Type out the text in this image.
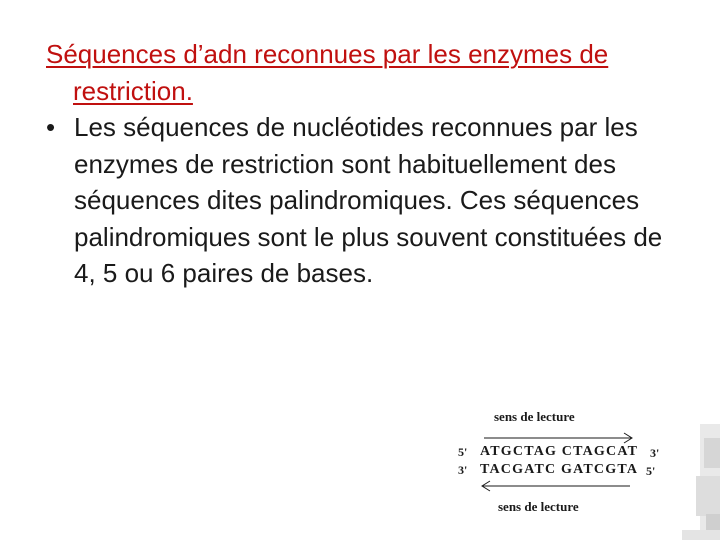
Séquences d’adn reconnues par les enzymes de restriction.

• Les séquences de nucléotides reconnues par les enzymes de restriction sont habituellement des séquences dites palindromiques. Ces séquences palindromiques sont le plus souvent constituées de 4, 5 ou 6 paires de bases.

sens de lecture
5' ATGCTAG CTAGCAT 3'
3' TACGATC GATCGTA 5'
sens de lecture
